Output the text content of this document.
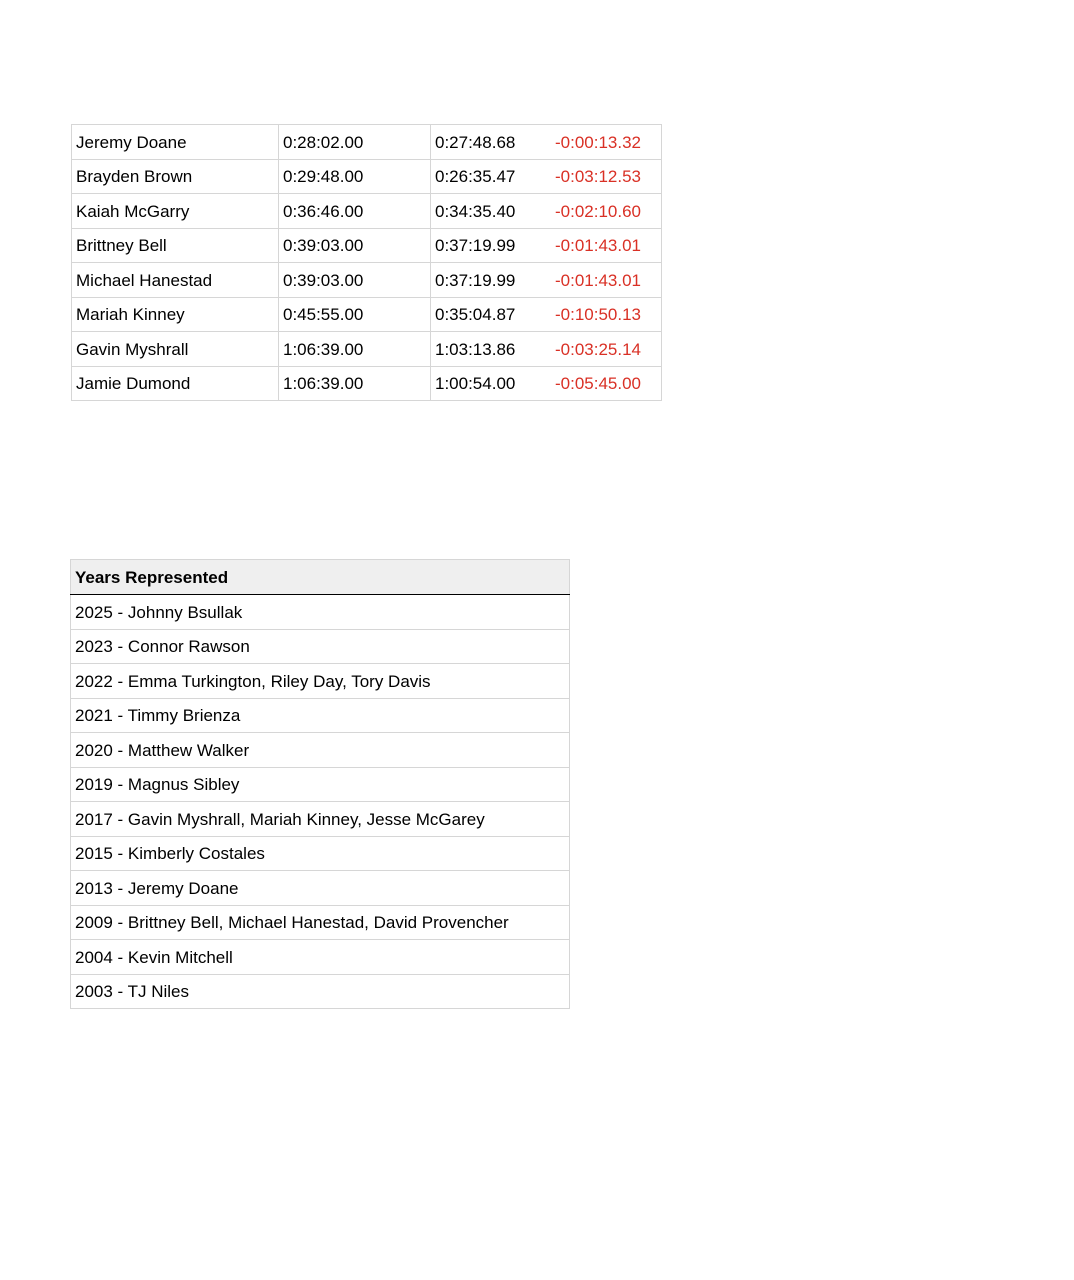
Jeremy Doane	0:28:02.00	0:27:48.68	-0:00:13.32
Brayden Brown	0:29:48.00	0:26:35.47	-0:03:12.53
Kaiah McGarry	0:36:46.00	0:34:35.40	-0:02:10.60
Brittney Bell	0:39:03.00	0:37:19.99	-0:01:43.01
Michael Hanestad	0:39:03.00	0:37:19.99	-0:01:43.01
Mariah Kinney	0:45:55.00	0:35:04.87	-0:10:50.13
Gavin Myshrall	1:06:39.00	1:03:13.86	-0:03:25.14
Jamie Dumond	1:06:39.00	1:00:54.00	-0:05:45.00
Years Represented
2025 - Johnny Bsullak
2023 - Connor Rawson
2022 - Emma Turkington, Riley Day, Tory Davis
2021 - Timmy Brienza
2020 - Matthew Walker
2019 - Magnus Sibley
2017 - Gavin Myshrall, Mariah Kinney, Jesse McGarey
2015 - Kimberly Costales
2013 - Jeremy Doane
2009 - Brittney Bell, Michael Hanestad, David Provencher
2004 - Kevin Mitchell
2003 - TJ Niles
